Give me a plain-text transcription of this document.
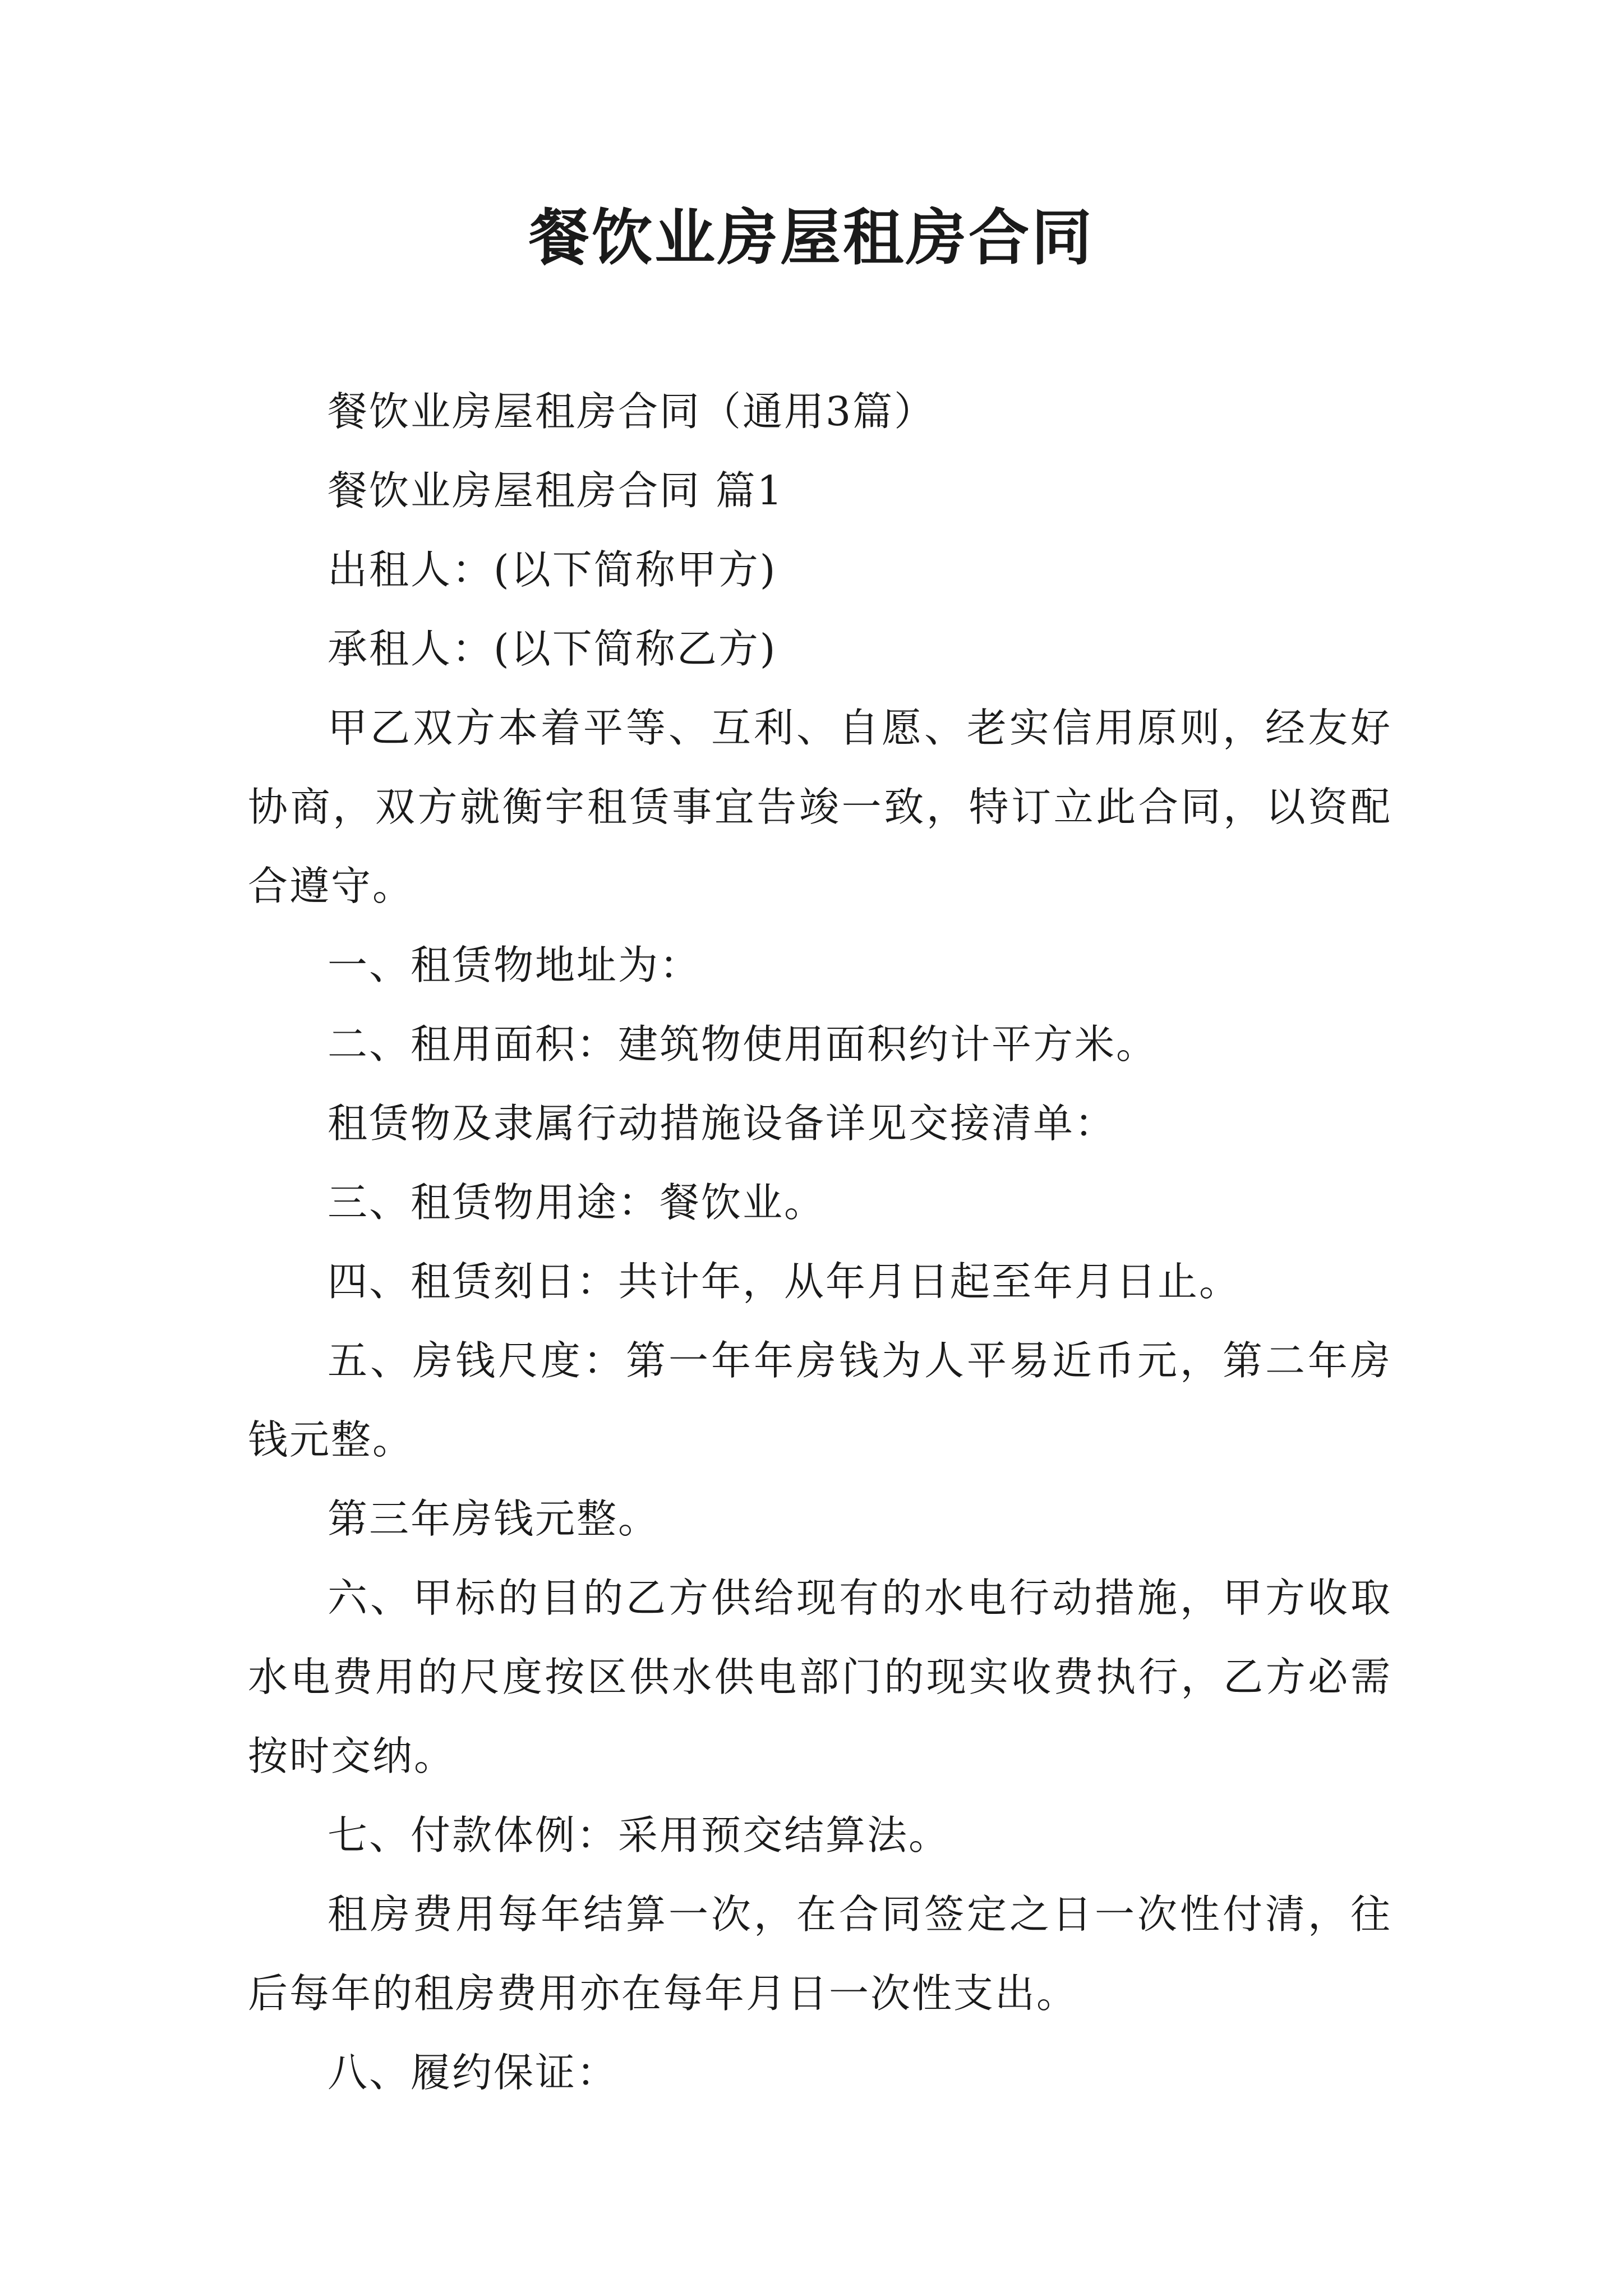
餐饮业房屋租房合同

餐饮业房屋租房合同（通用3篇）

餐饮业房屋租房合同 篇1

出租人：(以下简称甲方)

承租人：(以下简称乙方)

甲乙双方本着平等、互利、自愿、老实信用原则，经友好协商，双方就衡宇租赁事宜告竣一致，特订立此合同，以资配合遵守。

一、租赁物地址为：

二、租用面积：建筑物使用面积约计平方米。

租赁物及隶属行动措施设备详见交接清单：

三、租赁物用途：餐饮业。

四、租赁刻日：共计年，从年月日起至年月日止。

五、房钱尺度：第一年年房钱为人平易近币元，第二年房钱元整。

第三年房钱元整。

六、甲标的目的乙方供给现有的水电行动措施，甲方收取水电费用的尺度按区供水供电部门的现实收费执行，乙方必需按时交纳。

七、付款体例：采用预交结算法。

租房费用每年结算一次，在合同签定之日一次性付清，往后每年的租房费用亦在每年月日一次性支出。

八、履约保证：
